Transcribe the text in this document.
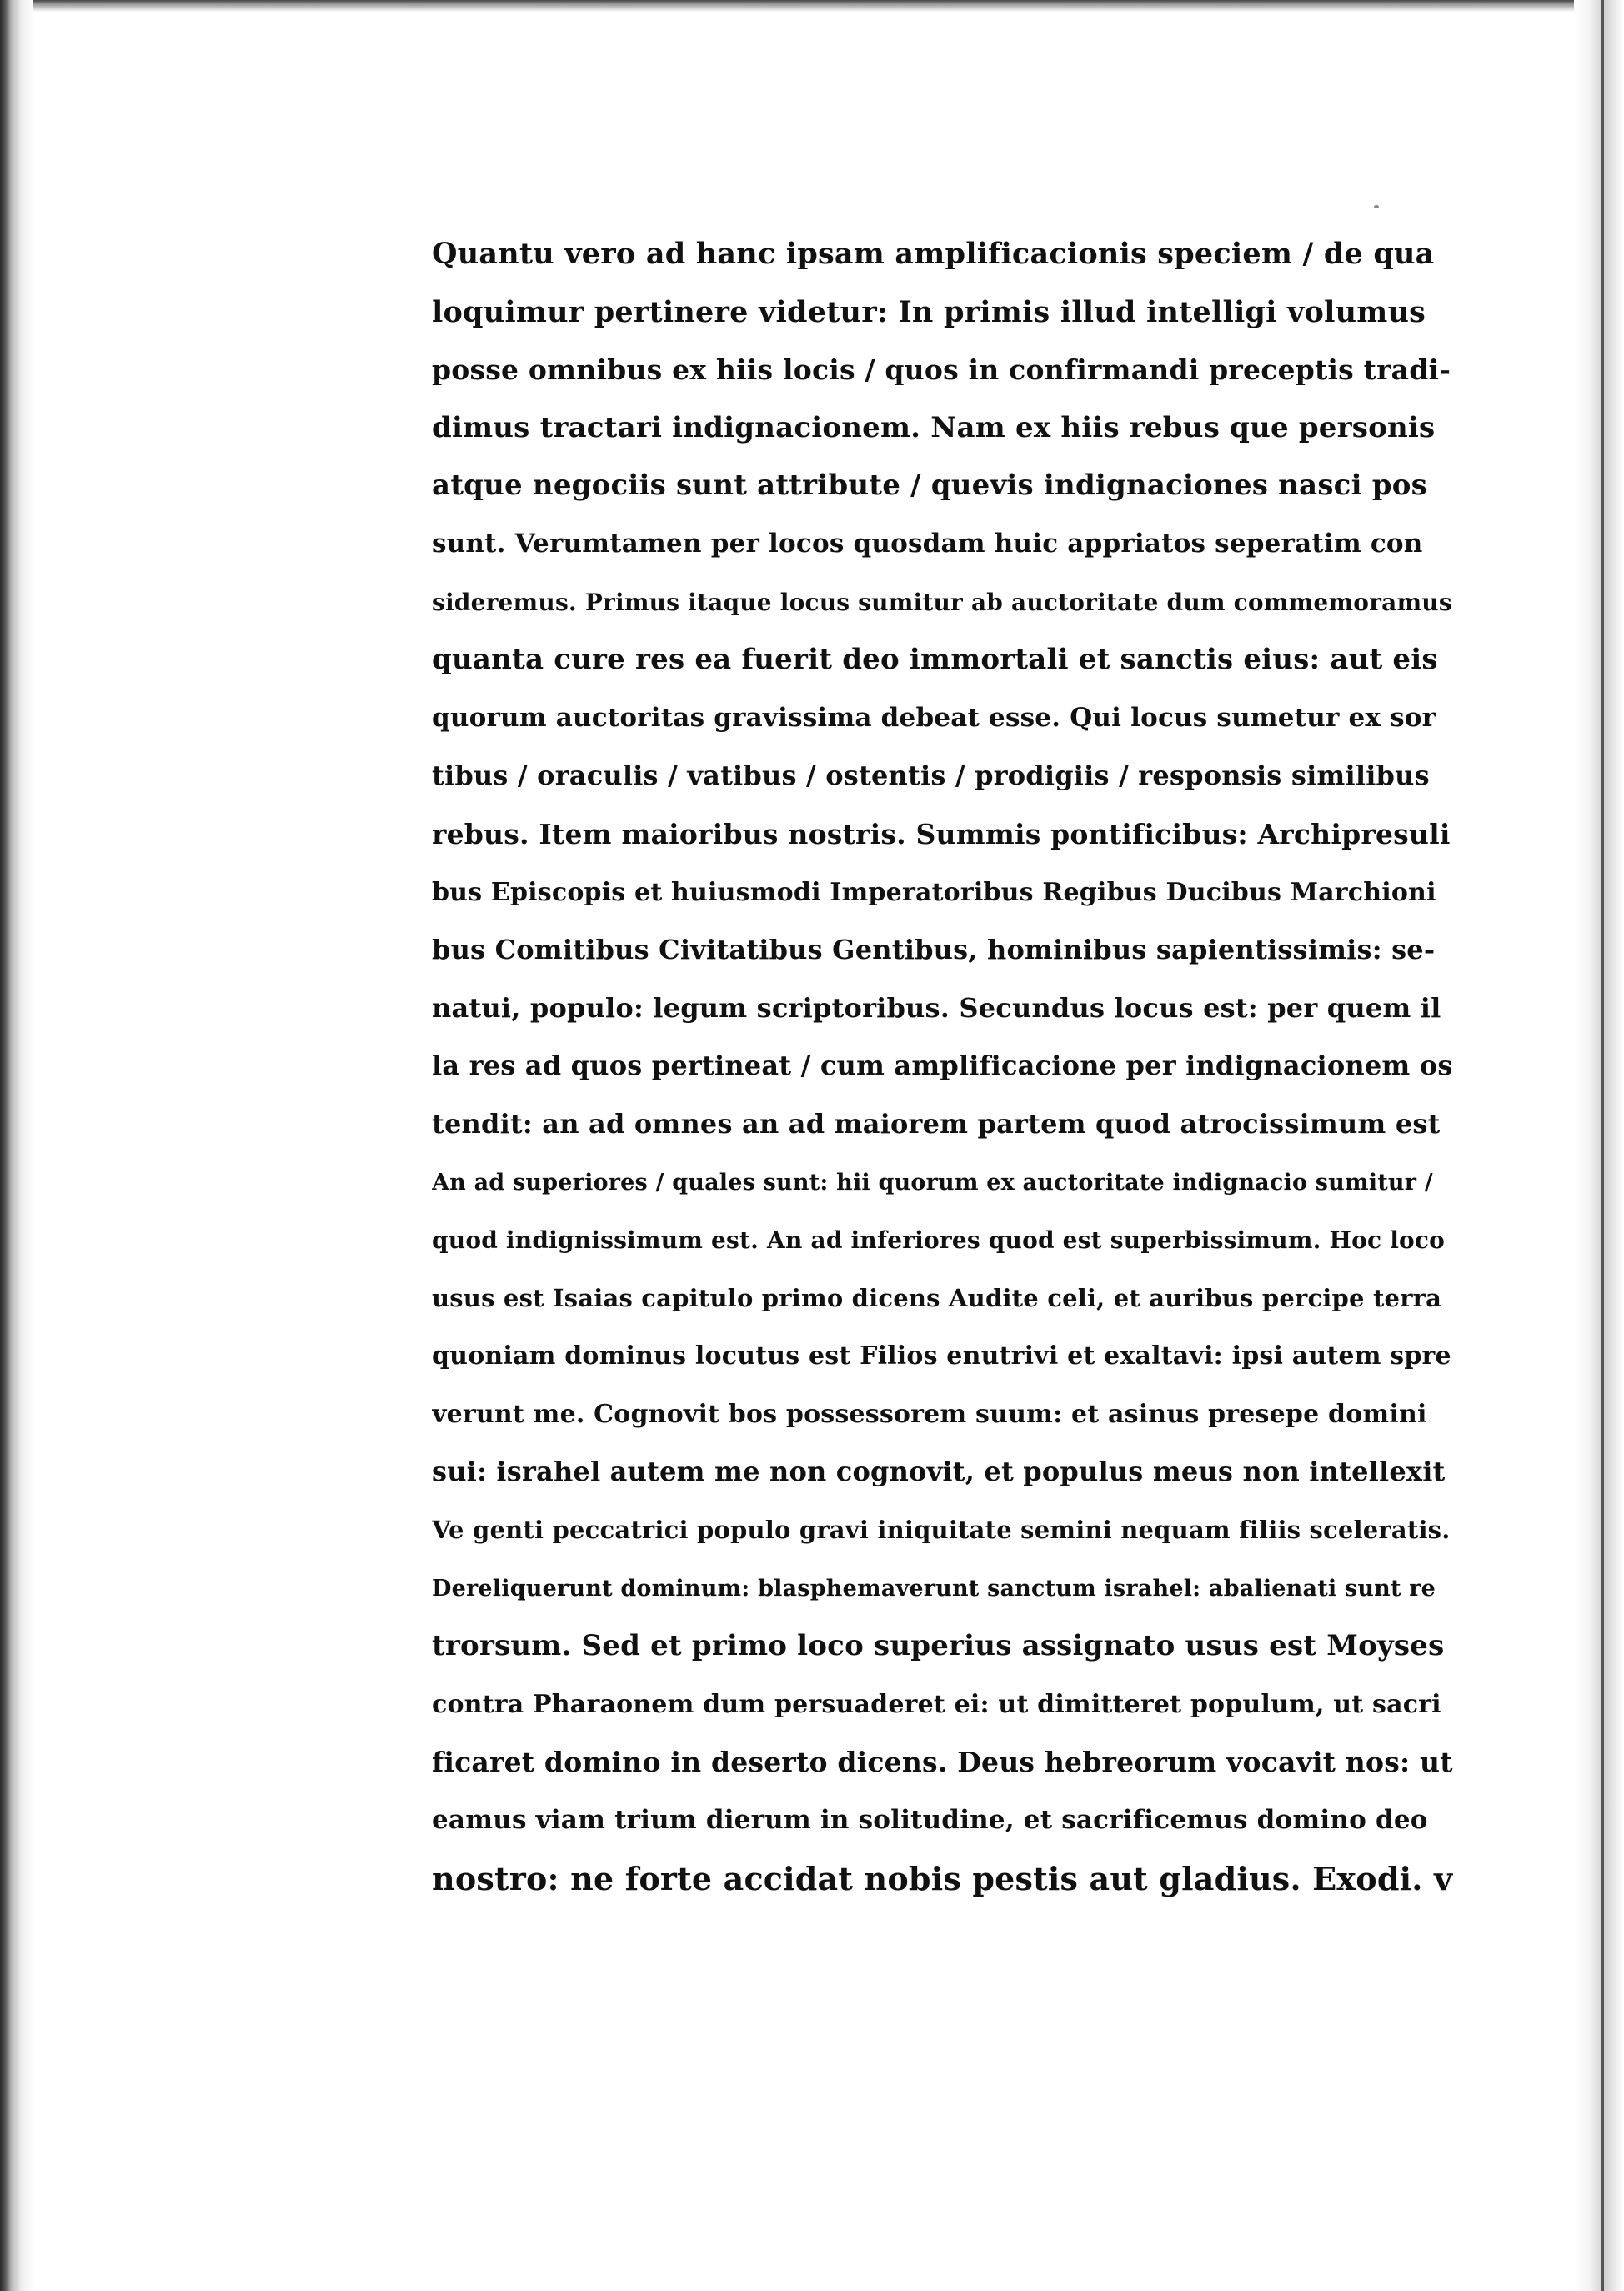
Quantu vero ad hanc ipsam amplificacionis speciem / de qua
loquimur pertinere videtur: In primis illud intelligi volumus
posse omnibus ex hiis locis / quos in confirmandi preceptis tradi-
dimus tractari indignacionem. Nam ex hiis rebus que personis
atque negociis sunt attribute / quevis indignaciones nasci pos
sunt. Verumtamen per locos quosdam huic appriatos seperatim con
sideremus. Primus itaque locus sumitur ab auctoritate dum commemoramus
quanta cure res ea fuerit deo immortali et sanctis eius: aut eis
quorum auctoritas gravissima debeat esse. Qui locus sumetur ex sor
tibus / oraculis / vatibus / ostentis / prodigiis / responsis similibus
rebus. Item maioribus nostris. Summis pontificibus: Archipresuli
bus Episcopis et huiusmodi Imperatoribus Regibus Ducibus Marchioni
bus Comitibus Civitatibus Gentibus, hominibus sapientissimis: se-
natui, populo: legum scriptoribus. Secundus locus est: per quem il
la res ad quos pertineat / cum amplificacione per indignacionem os
tendit: an ad omnes an ad maiorem partem quod atrocissimum est
An ad superiores / quales sunt: hii quorum ex auctoritate indignacio sumitur /
quod indignissimum est. An ad inferiores quod est superbissimum. Hoc loco
usus est Isaias capitulo primo dicens Audite celi, et auribus percipe terra
quoniam dominus locutus est Filios enutrivi et exaltavi: ipsi autem spre
verunt me. Cognovit bos possessorem suum: et asinus presepe domini
sui: israhel autem me non cognovit, et populus meus non intellexit
Ve genti peccatrici populo gravi iniquitate semini nequam filiis sceleratis.
Dereliquerunt dominum: blasphemaverunt sanctum israhel: abalienati sunt re
trorsum. Sed et primo loco superius assignato usus est Moyses
contra Pharaonem dum persuaderet ei: ut dimitteret populum, ut sacri
ficaret domino in deserto dicens. Deus hebreorum vocavit nos: ut
eamus viam trium dierum in solitudine, et sacrificemus domino deo
nostro: ne forte accidat nobis pestis aut gladius. Exodi. v
